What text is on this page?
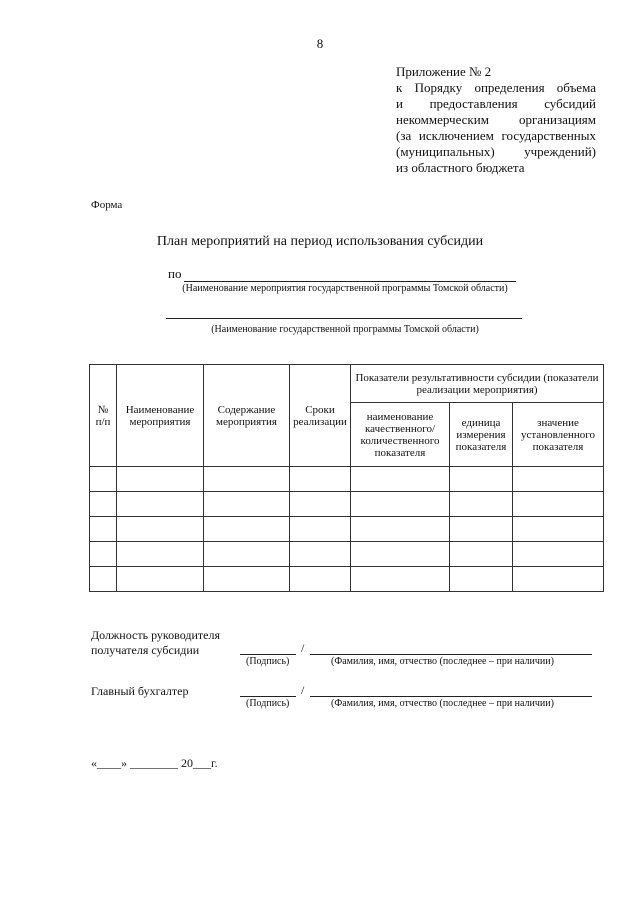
8
Приложение № 2
к Порядку определения объема
и предоставления субсидий
некоммерческим организациям
(за исключением государственных
(муниципальных) учреждений)
из областного бюджета
Форма
План мероприятий на период использования субсидии
по
(Наименование мероприятия государственной программы Томской области)
(Наименование государственной программы Томской области)
№ п/п	Наименование мероприятия	Содержание мероприятия	Сроки реализации	Показатели результативности субсидии (показатели реализации мероприятия)		
				наименование качественного/ количественного показателя	единица измерения показателя	значение установленного показателя

Должность руководителя
получателя субсидии	/
(Подпись)	(Фамилия, имя, отчество (последнее – при наличии)
Главный бухгалтер	/
(Подпись)	(Фамилия, имя, отчество (последнее – при наличии)
«____» ________ 20___г.
